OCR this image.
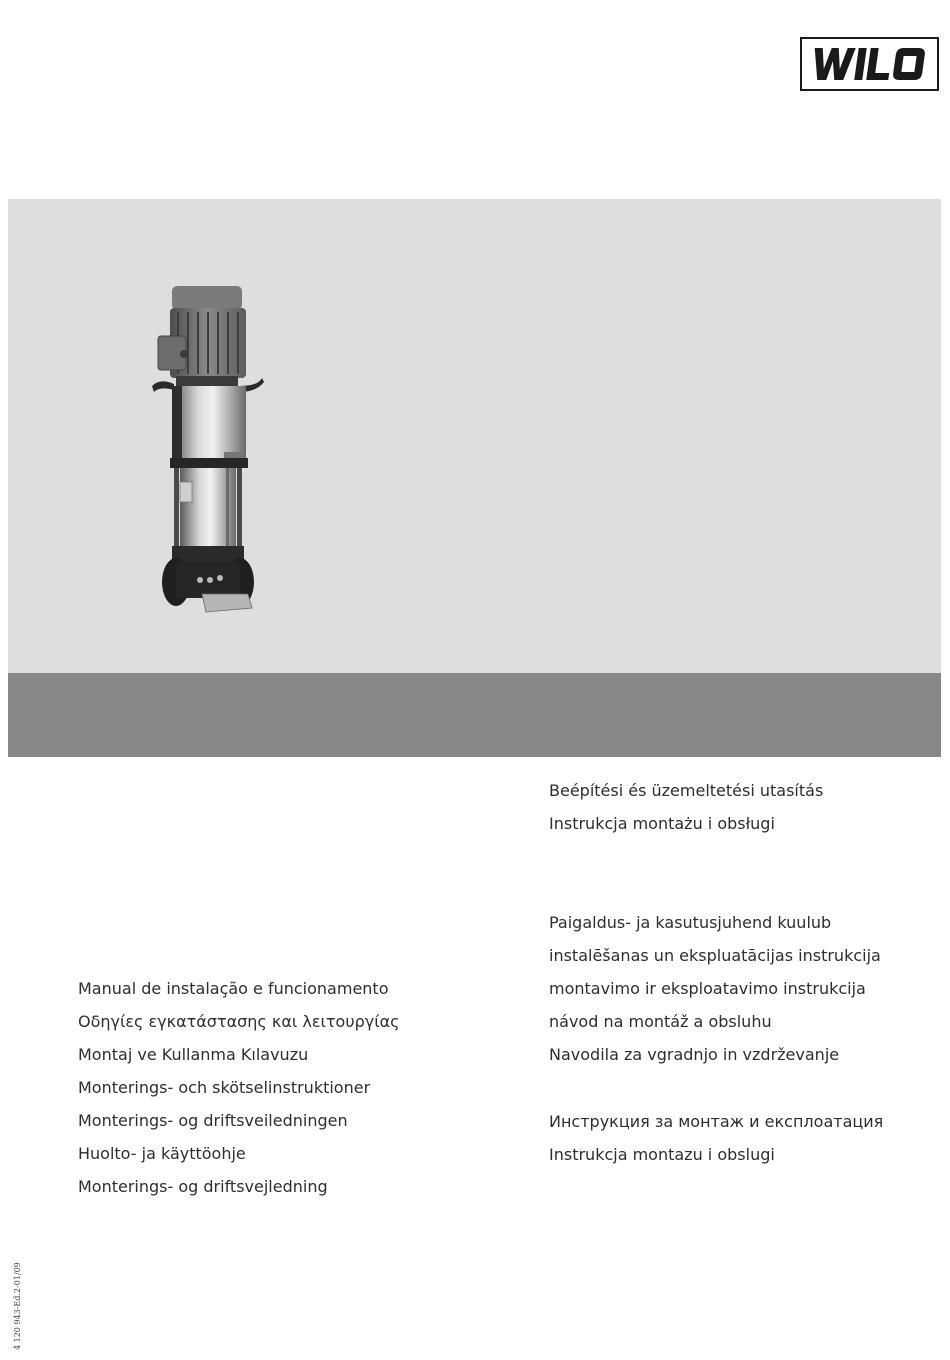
Beépítési és üzemeltetési utasítás
Instrukcja montażu i obsługi
Paigaldus- ja kasutusjuhend kuulub
instalēšanas un ekspluatācijas instrukcija
montavimo ir eksploatavimo instrukcija
návod na montáž a obsluhu
Navodila za vgradnjo in vzdrževanje
Инструкция за монтаж и експлоатация
Instrukcja montazu i obslugi
Manual de instalação e funcionamento
Οδηγίες εγκατάστασης και λειτουργίας
Montaj ve Kullanma Kılavuzu
Monterings- och skötselinstruktioner
Monterings- og driftsveiledningen
Huolto- ja käyttöohje
Monterings- og driftsvejledning
4 120 943-Ed.2-01/09
